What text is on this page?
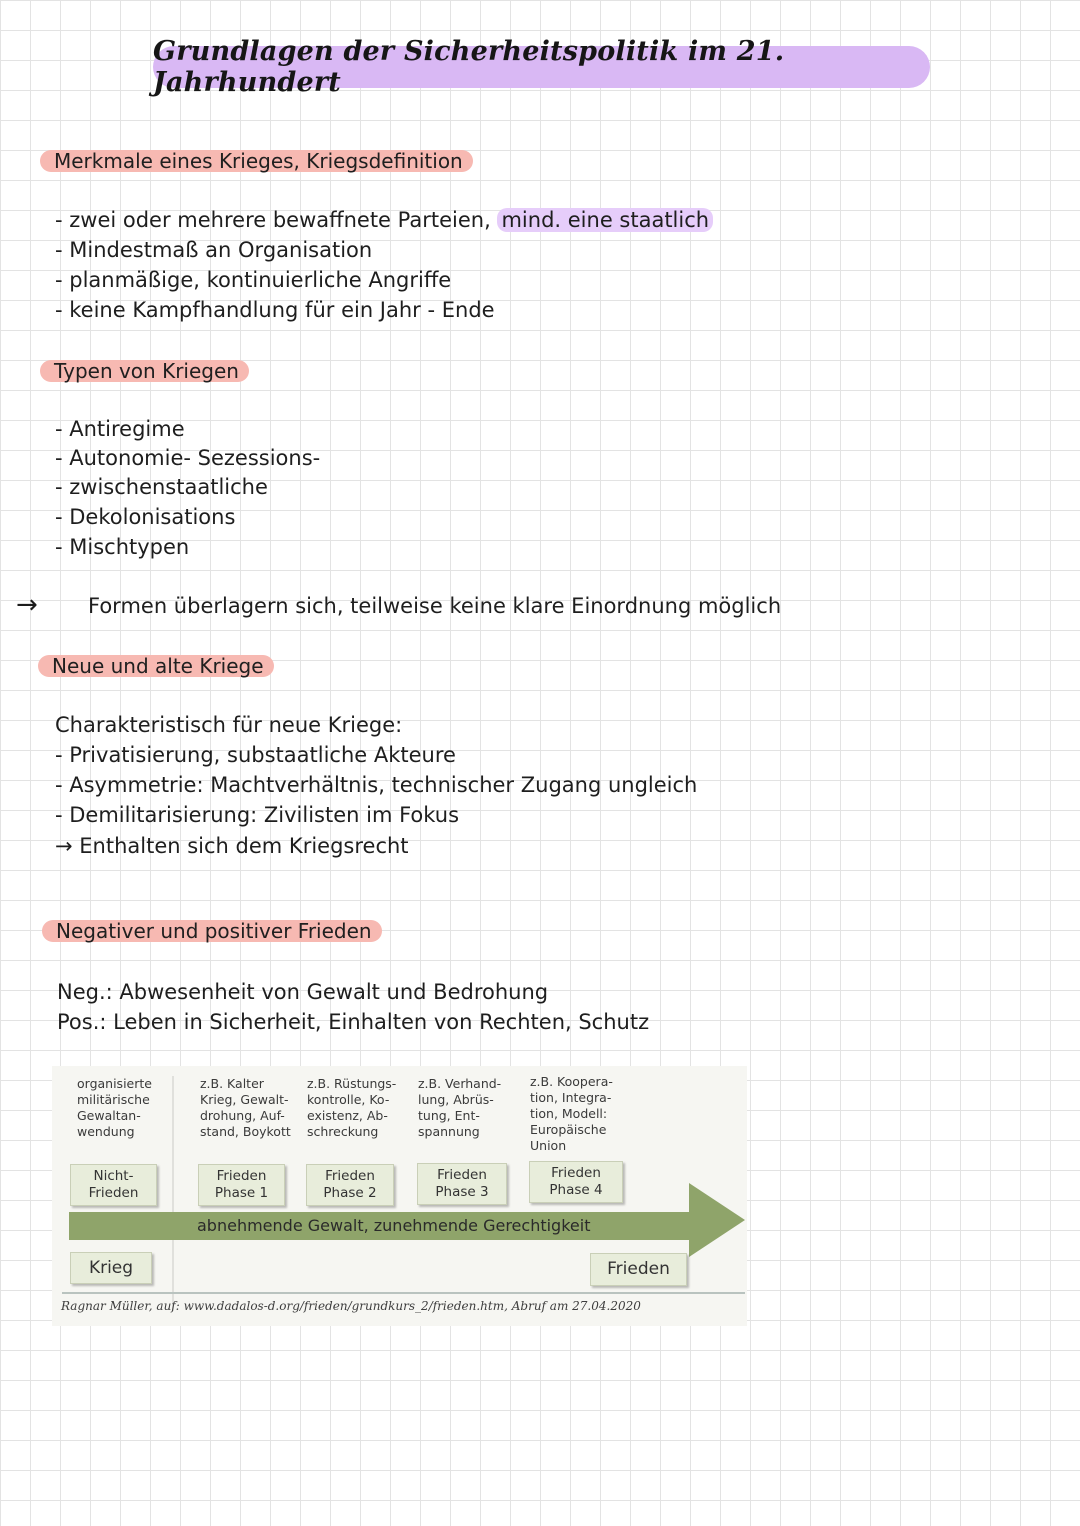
Grundlagen der Sicherheitspolitik im 21. Jahrhundert
Merkmale eines Krieges, Kriegsdefinition
- zwei oder mehrere bewaffnete Parteien, mind. eine staatlich
- Mindestmaß an Organisation
- planmäßige, kontinuierliche Angriffe
- keine Kampfhandlung für ein Jahr - Ende
Typen von Kriegen
- Antiregime
- Autonomie- Sezessions-
- zwischenstaatliche
- Dekolonisations
- Mischtypen
→ Formen überlagern sich, teilweise keine klare Einordnung möglich
Neue und alte Kriege
Charakteristisch für neue Kriege:
- Privatisierung, substaatliche Akteure
- Asymmetrie: Machtverhältnis, technischer Zugang ungleich
- Demilitarisierung: Zivilisten im Fokus
→ Enthalten sich dem Kriegsrecht
Negativer und positiver Frieden
Neg.: Abwesenheit von Gewalt und Bedrohung
Pos.: Leben in Sicherheit, Einhalten von Rechten, Schutz
organisierte
militärische
Gewaltan-
wendung
z.B. Kalter
Krieg, Gewalt-
drohung, Auf-
stand, Boykott
z.B. Rüstungs-
kontrolle, Ko-
existenz, Ab-
schreckung
z.B. Verhand-
lung, Abrüs-
tung, Ent-
spannung
z.B. Koopera-
tion, Integra-
tion, Modell:
Europäische
Union
Nicht-
Frieden
Frieden
Phase 1
Frieden
Phase 2
Frieden
Phase 3
Frieden
Phase 4
abnehmende Gewalt, zunehmende Gerechtigkeit
Krieg	Frieden
Ragnar Müller, auf: www.dadalos-d.org/frieden/grundkurs_2/frieden.htm, Abruf am 27.04.2020
